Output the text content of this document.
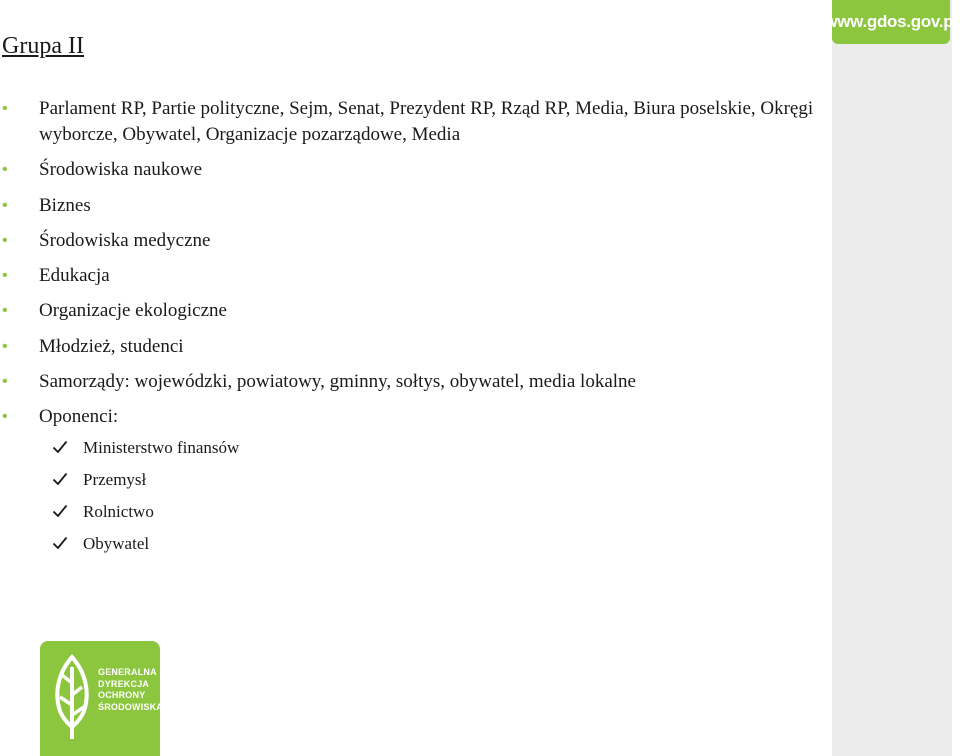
www.gdos.gov.pl
Grupa II
• Parlament RP, Partie polityczne, Sejm, Senat, Prezydent RP, Rząd RP, Media, Biura poselskie, Okręgi wyborcze, Obywatel, Organizacje pozarządowe, Media
• Środowiska naukowe
• Biznes
• Środowiska medyczne
• Edukacja
• Organizacje ekologiczne
• Młodzież, studenci
• Samorządy: wojewódzki, powiatowy, gminny, sołtys, obywatel, media lokalne
• Oponenci:
Ministerstwo finansów
Przemysł
Rolnictwo
Obywatel
GENERALNA
DYREKCJA
OCHRONY
ŚRODOWISKA
